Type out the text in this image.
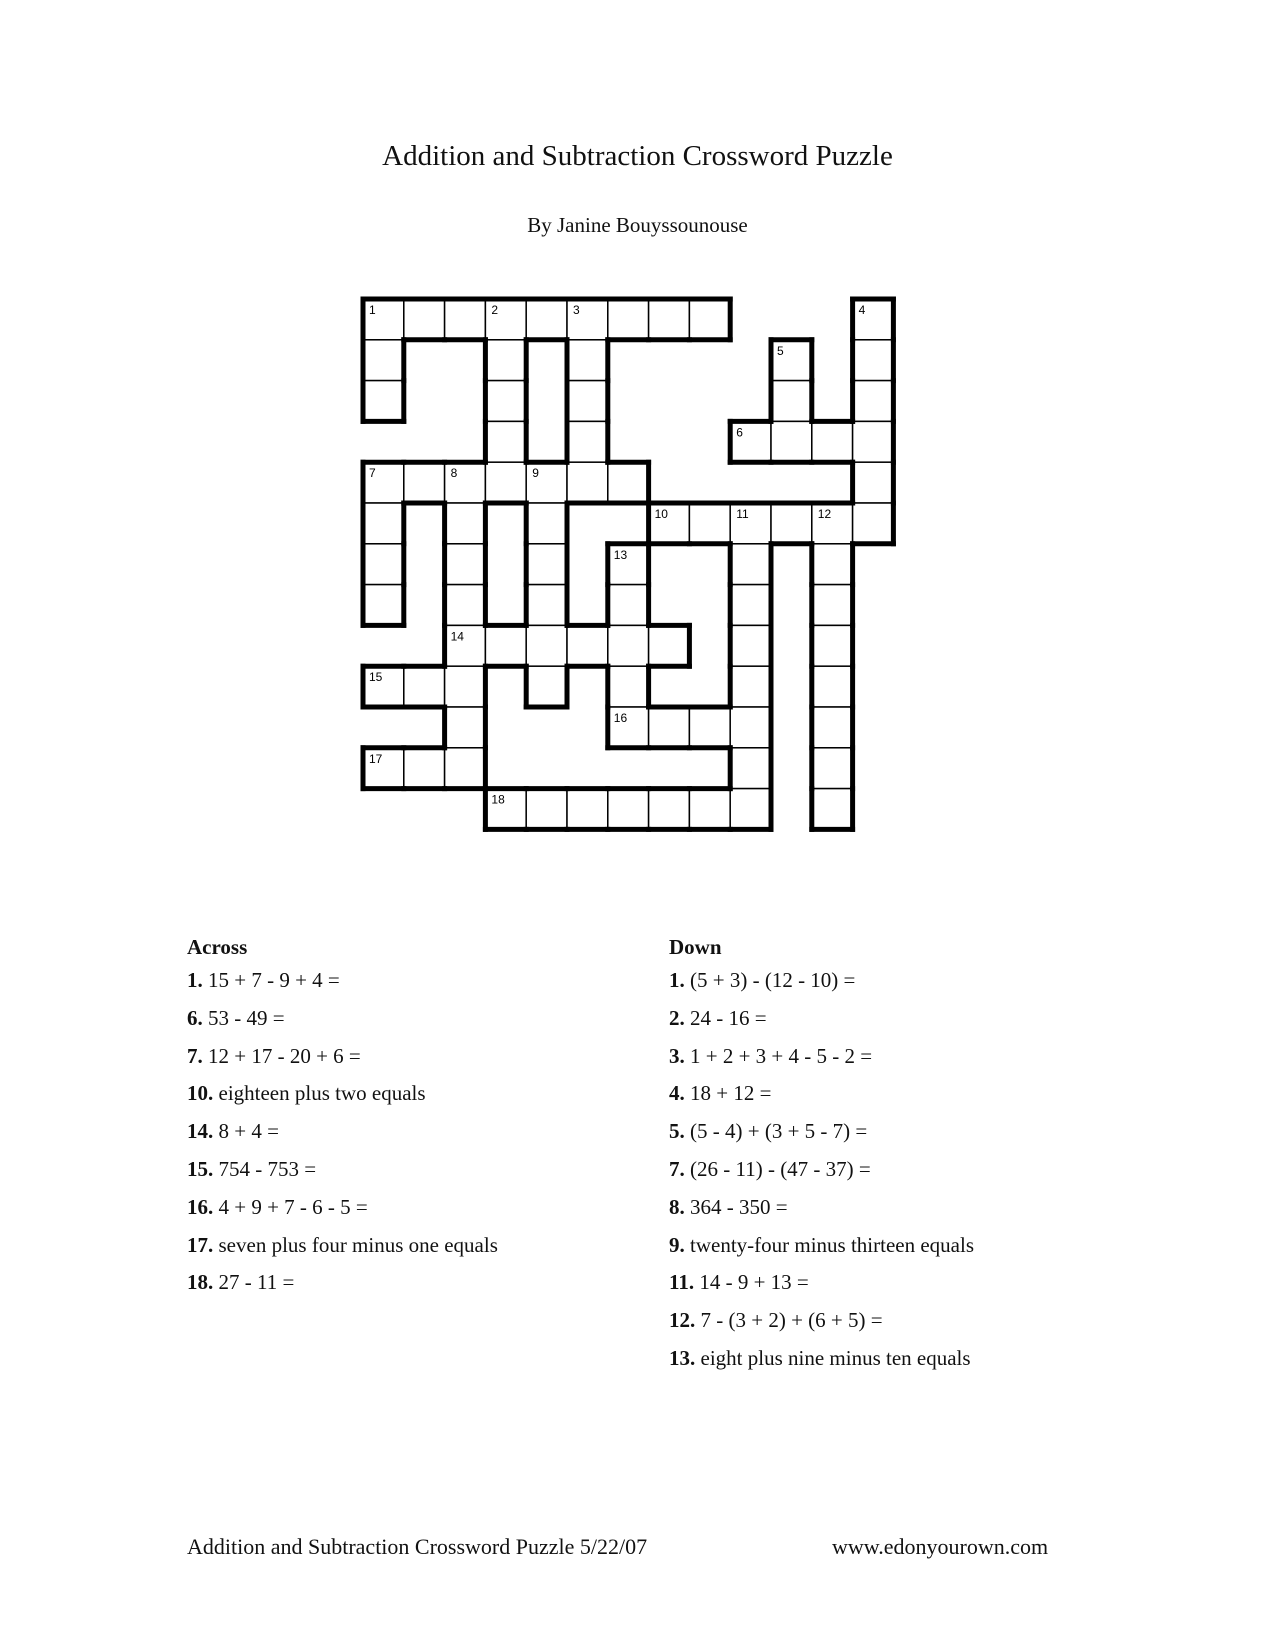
Addition and Subtraction Crossword Puzzle
By Janine Bouyssounouse
1	2	3	4
5
6
7	8	9
10	11	12
13
14
15
16
17
18
Across
1. 15 + 7 - 9 + 4 =
6. 53 - 49 =
7. 12 + 17 - 20 + 6 =
10. eighteen plus two equals
14. 8 + 4 =
15. 754 - 753 =
16. 4 + 9 + 7 - 6 - 5 =
17. seven plus four minus one equals
18. 27 - 11 =
Down
1. (5 + 3) - (12 - 10) =
2. 24 - 16 =
3. 1 + 2 + 3 + 4 - 5 - 2 =
4. 18 + 12 =
5. (5 - 4) + (3 + 5 - 7) =
7. (26 - 11) - (47 - 37) =
8. 364 - 350 =
9. twenty-four minus thirteen equals
11. 14 - 9 + 13 =
12. 7 - (3 + 2) + (6 + 5) =
13. eight plus nine minus ten equals
Addition and Subtraction Crossword Puzzle 5/22/07	www.edonyourown.com
